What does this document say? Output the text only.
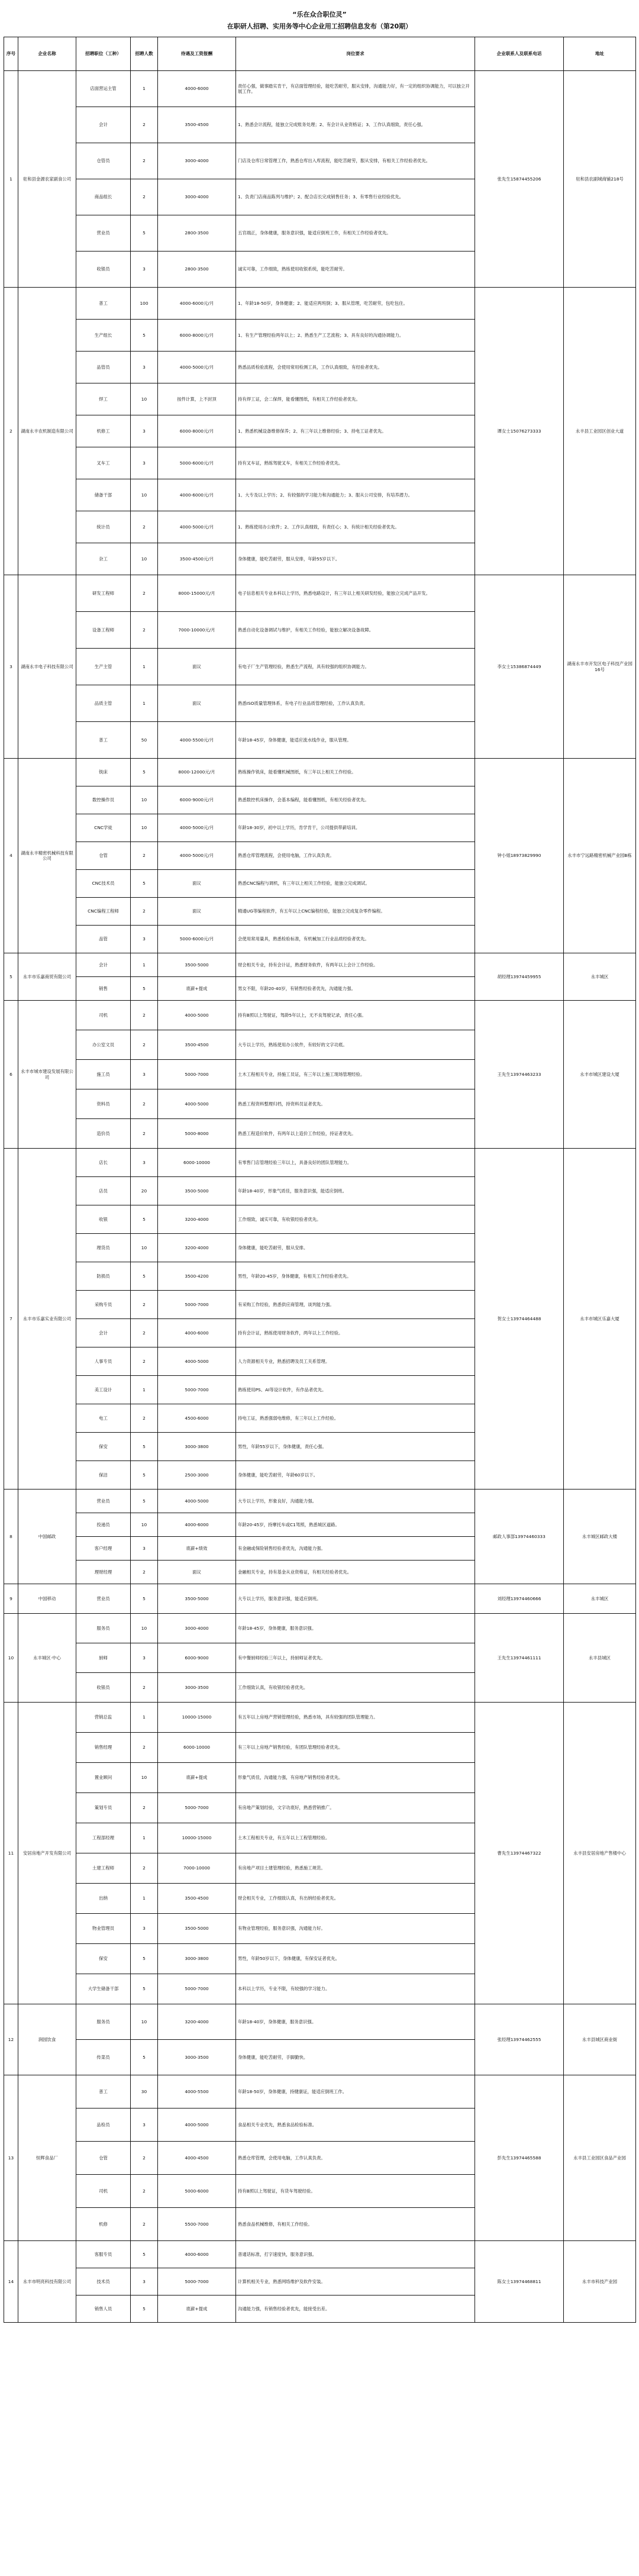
“乐在众合职位灵”
在职研人招聘、实用务等中心企业用工招聘信息发布（第20期）
序号	企业名称	招聘职位（工种）	招聘人数	待遇及工资报酬	岗位要求	企业联系人及联系电话	地址
1	驻和县金源农家副食公司	店面营运主管	1	4000-6000	责任心强，做事踏实肯干，有店面管理经验，能吃苦耐劳，服从安排，沟通能力好，有一定的组织协调能力，可以独立开展工作。	张先生15874455206	驻和县农副城商铺218号
		会计	2	3500-4500	1、熟悉会计流程，能独立完成账务处理；2、有会计从业资格证；3、工作认真细致，责任心强。		
		仓管员	2	3000-4000	门店及仓库日常管理工作，熟悉仓库出入库流程，能吃苦耐劳，服从安排，有相关工作经验者优先。		
		商品组长	2	3000-4000	1、负责门店商品陈列与维护；2、配合店长完成销售任务；3、有零售行业经验优先。		
		营业员	5	2800-3500	五官端正，身体健康，服务意识强，能适应倒班工作，有相关工作经验者优先。		
		收银员	3	2800-3500	诚实可靠，工作细致，熟练使用收银系统，能吃苦耐劳。		
2	湖南永丰农机制造有限公司	普工	100	4000-6000元/月	1、年龄18-50岁，身体健康；2、能适应两班倒；3、服从管理，吃苦耐劳，包吃包住。	谭女士15076273333	永丰县工业园区创业大道
		生产组长	5	6000-8000元/月	1、有生产管理经验两年以上；2、熟悉生产工艺流程；3、具有良好的沟通协调能力。		
		品管员	3	4000-5000元/月	熟悉品质检验流程，会使用常用检测工具，工作认真细致，有经验者优先。		
		焊工	10	按件计算，上不封顶	持有焊工证，会二保焊，能看懂图纸，有相关工作经验者优先。		
		机修工	3	6000-8000元/月	1、熟悉机械设备维修保养；2、有三年以上维修经验；3、持电工证者优先。		
		叉车工	3	5000-6000元/月	持有叉车证，熟练驾驶叉车，有相关工作经验者优先。		
		储备干部	10	4000-6000元/月	1、大专及以上学历；2、有较强的学习能力和沟通能力；3、服从公司安排，有培养潜力。		
		统计员	2	4000-5000元/月	1、熟练使用办公软件；2、工作认真细致，有责任心；3、有统计相关经验者优先。		
		杂工	10	3500-4500元/月	身体健康，能吃苦耐劳，服从安排，年龄55岁以下。		
3	湖南永丰电子科技有限公司	研发工程师	2	8000-15000元/月	电子信息相关专业本科以上学历，熟悉电路设计，有三年以上相关研发经验，能独立完成产品开发。	李女士15386874449	湖南永丰市开发区电子科技产业园16号
		设备工程师	2	7000-10000元/月	熟悉自动化设备调试与维护，有相关工作经验，能独立解决设备故障。		
		生产主管	1	面议	有电子厂生产管理经验，熟悉生产流程，具有较强的组织协调能力。		
		品质主管	1	面议	熟悉ISO质量管理体系，有电子行业品质管理经验，工作认真负责。		
		普工	50	4000-5500元/月	年龄18-45岁，身体健康，能适应流水线作业，服从管理。		
4	湖南永丰精密机械科技有限公司	铣床	5	8000-12000元/月	熟练操作铣床，能看懂机械图纸，有三年以上相关工作经验。	钟小姐18973829990	永丰市宁远路精密机械产业园B栋
		数控操作员	10	6000-9000元/月	熟悉数控机床操作，会基本编程，能看懂图纸，有相关经验者优先。		
		CNC学徒	10	4000-5000元/月	年龄18-30岁，初中以上学历，肯学肯干，公司提供带薪培训。		
		仓管	2	4000-5000元/月	熟悉仓库管理流程，会使用电脑，工作认真负责。		
		CNC技术员	5	面议	熟悉CNC编程与调机，有三年以上相关工作经验，能独立完成调试。		
		CNC编程工程师	2	面议	精通UG等编程软件，有五年以上CNC编程经验，能独立完成复杂零件编程。		
		品管	3	5000-6000元/月	会使用常用量具，熟悉检验标准，有机械加工行业品质经验者优先。		
5	永丰市乐嘉商贸有限公司	会计	1	3500-5000	财会相关专业，持有会计证，熟悉财务软件，有两年以上会计工作经验。	胡经理13974459955	永丰城区
		销售	5	底薪+提成	男女不限，年龄20-40岁，有销售经验者优先，沟通能力强。		
6	永丰市城市建设发展有限公司	司机	2	4000-5000	持有B照以上驾驶证，驾龄5年以上，无不良驾驶记录，责任心强。	王先生13974463233	永丰市城区建设大厦
		办公室文员	2	3500-4500	大专以上学历，熟练使用办公软件，有较好的文字功底。		
		施工员	3	5000-7000	土木工程相关专业，持施工员证，有三年以上施工现场管理经验。		
		资料员	2	4000-5000	熟悉工程资料整理归档，持资料员证者优先。		
		造价员	2	5000-8000	熟悉工程造价软件，有两年以上造价工作经验，持证者优先。		
7	永丰市乐嘉实业有限公司	店长	3	6000-10000	有零售门店管理经验三年以上，具备良好的团队管理能力。	贺女士13974464488	永丰市城区乐嘉大厦
		店员	20	3500-5000	年龄18-40岁，形象气质佳，服务意识强，能适应倒班。		
		收银	5	3200-4000	工作细致，诚实可靠，有收银经验者优先。		
		理货员	10	3200-4000	身体健康，能吃苦耐劳，服从安排。		
		防损员	5	3500-4200	男性，年龄20-45岁，身体健康，有相关工作经验者优先。		
		采购专员	2	5000-7000	有采购工作经验，熟悉供应商管理，谈判能力强。		
		会计	2	4000-6000	持有会计证，熟练使用财务软件，两年以上工作经验。		
		人事专员	2	4000-5000	人力资源相关专业，熟悉招聘及员工关系管理。		
		美工设计	1	5000-7000	熟练使用PS、AI等设计软件，有作品者优先。		
		电工	2	4500-6000	持电工证，熟悉强弱电维修，有三年以上工作经验。		
		保安	5	3000-3800	男性，年龄55岁以下，身体健康，责任心强。		
		保洁	5	2500-3000	身体健康，能吃苦耐劳，年龄60岁以下。		
8	中国邮政	营业员	5	4000-5000	大专以上学历，形象良好，沟通能力强。	邮政人事部13974460333	永丰城区邮政大楼
		投递员	10	4000-6000	年龄20-45岁，持摩托车或C1驾照，熟悉城区道路。		
		客户经理	3	底薪+绩效	有金融或保险销售经验者优先，沟通能力强。		
		理财经理	2	面议	金融相关专业，持有基金从业资格证，有相关经验者优先。		
9	中国移动	营业员	5	3500-5000	大专以上学历，服务意识强，能适应倒班。	刘经理13974460666	永丰城区
10	永丰城区·中心	服务员	10	3000-4000	年龄18-45岁，身体健康，服务意识强。	王先生13974461111	永丰县城区
		厨师	3	6000-9000	有中餐厨师经验三年以上，持厨师证者优先。		
		收银员	2	3000-3500	工作细致认真，有收银经验者优先。		
11	安居房地产开发有限公司	营销总监	1	10000-15000	有五年以上房地产营销管理经验，熟悉市场，具有较强的团队管理能力。	曹先生13974467322	永丰县安居房地产售楼中心
		销售经理	2	6000-10000	有三年以上房地产销售经验，有团队管理经验者优先。		
		置业顾问	10	底薪+提成	形象气质佳，沟通能力强，有房地产销售经验者优先。		
		策划专员	2	5000-7000	有房地产策划经验，文字功底好，熟悉营销推广。		
		工程部经理	1	10000-15000	土木工程相关专业，有五年以上工程管理经验。		
		土建工程师	2	7000-10000	有房地产项目土建管理经验，熟悉施工规范。		
		出纳	1	3500-4500	财会相关专业，工作细致认真，有出纳经验者优先。		
		物业管理员	3	3500-5000	有物业管理经验，服务意识强，沟通能力好。		
		保安	5	3000-3800	男性，年龄50岁以下，身体健康，有保安证者优先。		
		大学生储备干部	5	5000-7000	本科以上学历，专业不限，有较强的学习能力。		
12	润园饮食	服务员	10	3200-4000	年龄18-40岁，身体健康，服务意识强。	张经理13974462555	永丰县城区商业街
		传菜员	5	3000-3500	身体健康，能吃苦耐劳，手脚勤快。		
13	恒辉食品厂	普工	30	4000-5500	年龄18-50岁，身体健康，持健康证，能适应倒班工作。	彭先生13974465588	永丰县工业园区食品产业园
		品检员	3	4000-5000	食品相关专业优先，熟悉食品检验标准。		
		仓管	2	4000-4500	熟悉仓库管理，会使用电脑，工作认真负责。		
		司机	2	5000-6000	持有B照以上驾驶证，有货车驾驶经验。		
		机修	2	5500-7000	熟悉食品机械维修，有相关工作经验。		
14	永丰市明亮科技有限公司	客服专员	5	4000-6000	普通话标准，打字速度快，服务意识强。	陈女士13974468811	永丰市科技产业园
		技术员	3	5000-7000	计算机相关专业，熟悉网络维护及软件安装。		
		销售人员	5	底薪+提成	沟通能力强，有销售经验者优先，能接受出差。		
